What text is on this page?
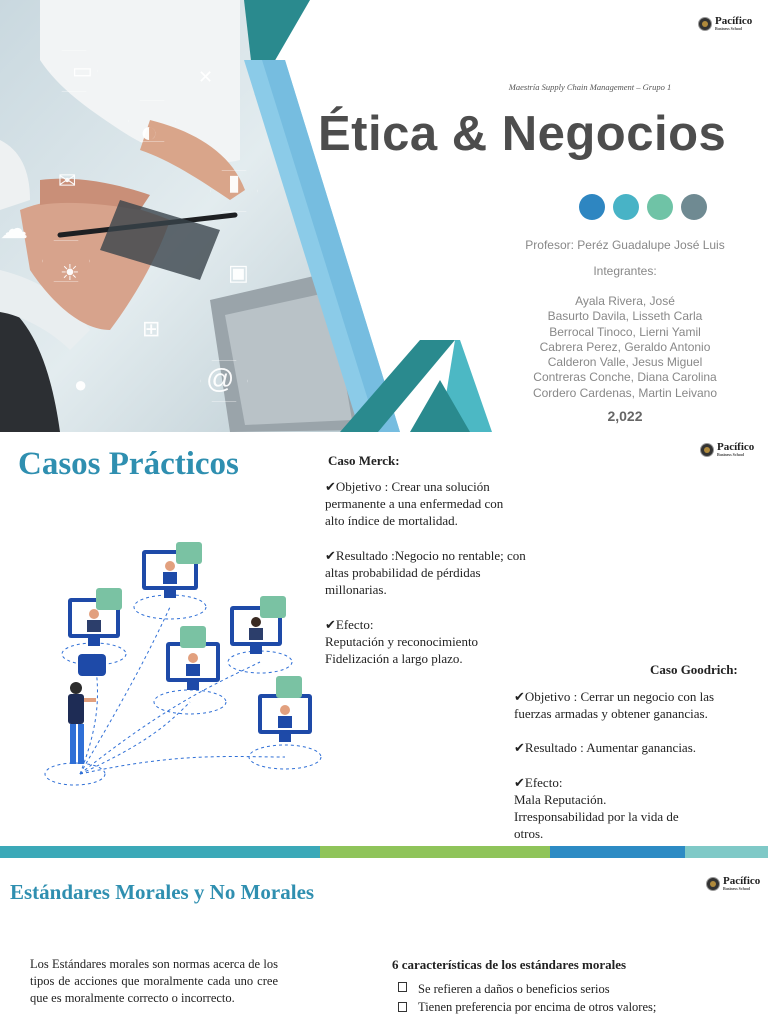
▭
◐
✉	▮
☁
☀	▣
⊞
●	@
✕
Pacífico
Business School
Maestría Supply Chain Management – Grupo 1
Ética & Negocios
Profesor: Peréz Guadalupe José Luis
Integrantes:
Ayala Rivera, José
Basurto Davila, Lisseth Carla
Berrocal Tinoco, Lierni Yamil
Cabrera Perez, Geraldo Antonio
Calderon Valle, Jesus Miguel
Contreras Conche, Diana Carolina
Cordero Cardenas, Martin Leivano
2,022
Casos Prácticos	Pacífico
Business School
Caso Merck:
✔Objetivo : Crear una solución
permanente a una enfermedad con
alto índice de mortalidad.
✔Resultado :Negocio no rentable; con
altas probabilidad de pérdidas
millonarias.
✔Efecto:
Reputación y reconocimiento
Fidelización a largo plazo.
Caso Goodrich:
✔Objetivo : Cerrar un negocio con las
fuerzas armadas y obtener ganancias.
✔Resultado : Aumentar ganancias.
✔Efecto:
Mala Reputación.
Irresponsabilidad por la vida de
otros.
Estándares Morales y No Morales	Pacífico
Business School
Los Estándares morales son normas acerca de los tipos de acciones que moralmente cada uno cree que es moralmente correcto o incorrecto.
6 características de los estándares morales
Se refieren a daños o beneficios serios
Tienen preferencia por encima de otros valores;
